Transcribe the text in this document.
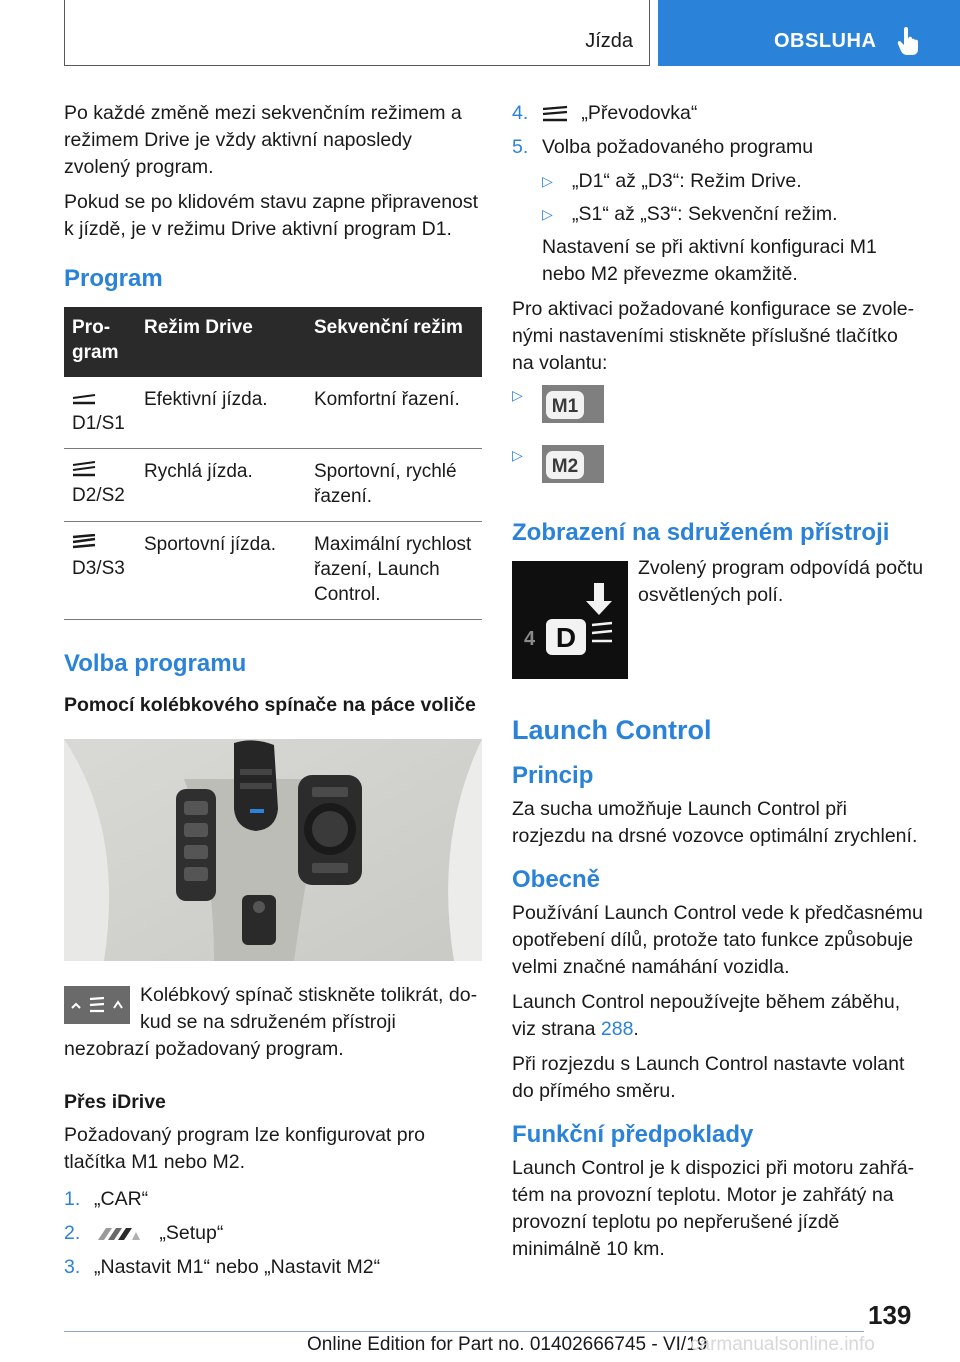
Jízda	OBSLUHA

Po každé změně mezi sekvenčním režimem a režimem Drive je vždy aktivní naposledy zvolený program.

Pokud se po klidovém stavu zapne připravenost k jízdě, je v režimu Drive aktivní program D1.

Program
Program	Režim Drive	Sekvenční režim

D1/S1	Efektivní jízda.	Komfortní řazení.

D2/S2	Rychlá jízda.	Sportovní, rychlé řazení.

D3/S3	Sportovní jízda.	Maximální rychlost řazení, Launch Control.
Volba programu
Pomocí kolébkového spínače na páce voliče
Kolébkový spínač stiskněte tolikrát, dokud se na sdruženém přístroji nezobrazí požadovaný program.
Přes iDrive

Požadovaný program lze konfigurovat pro tlačítka M1 nebo M2.

1. „CAR“
2.	„Setup“
3. „Nastavit M1“ nebo „Nastavit M2“
4.	„Převodovka“
5. Volba požadovaného programu
▷ „D1“ až „D3“: Režim Drive.
▷ „S1“ až „S3“: Sekvenční režim.

Nastavení se při aktivní konfiguraci M1 nebo M2 převezme okamžitě.

Pro aktivaci požadované konfigurace se zvolenými nastaveními stiskněte příslušné tlačítko na volantu:

▷
M1
▷
M2
Zobrazení na sdruženém přístroji
4 D

Zvolený program odpovídá počtu osvětlených polí.

Launch Control
Princip

Za sucha umožňuje Launch Control při rozjezdu na drsné vozovce optimální zrychlení.

Obecně

Používání Launch Control vede k předčasnému opotřebení dílů, protože tato funkce způsobuje velmi značné namáhání vozidla.

Launch Control nepoužívejte během záběhu, viz strana 288.

Při rozjezdu s Launch Control nastavte volant do přímého směru.

Funkční předpoklady

Launch Control je k dispozici při motoru zahřátém na provozní teplotu. Motor je zahřátý na provozní teplotu po nepřerušené jízdě minimálně 10 km.

139
Online Edition for Part no. 01402666745 - VI/19
carmanualsonline.info
